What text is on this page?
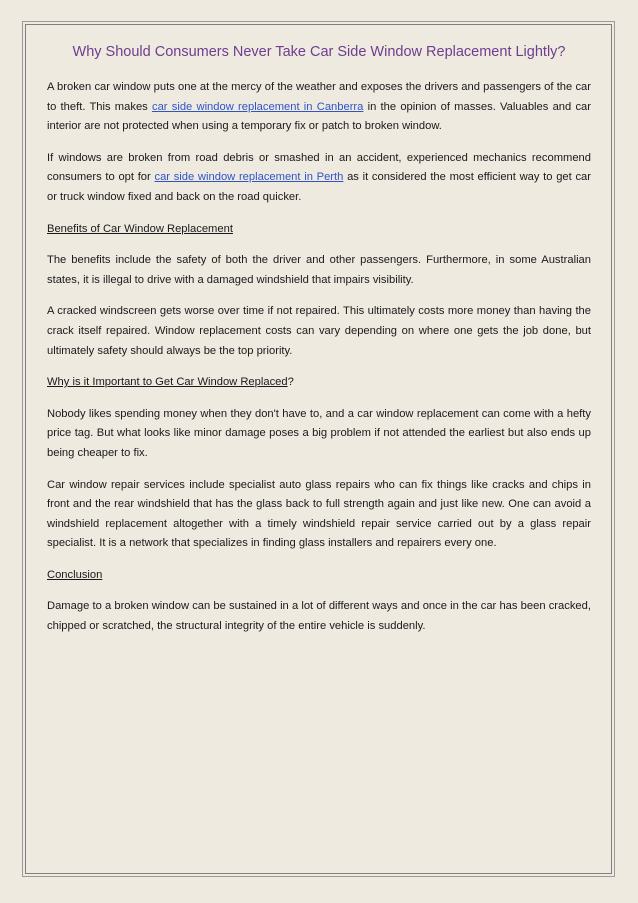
Why Should Consumers Never Take Car Side Window Replacement Lightly?

A broken car window puts one at the mercy of the weather and exposes the drivers and passengers of the car to theft. This makes car side window replacement in Canberra in the opinion of masses. Valuables and car interior are not protected when using a temporary fix or patch to broken window.

If windows are broken from road debris or smashed in an accident, experienced mechanics recommend consumers to opt for car side window replacement in Perth as it considered the most efficient way to get car or truck window fixed and back on the road quicker.

Benefits of Car Window Replacement

The benefits include the safety of both the driver and other passengers. Furthermore, in some Australian states, it is illegal to drive with a damaged windshield that impairs visibility.

A cracked windscreen gets worse over time if not repaired. This ultimately costs more money than having the crack itself repaired. Window replacement costs can vary depending on where one gets the job done, but ultimately safety should always be the top priority.

Why is it Important to Get Car Window Replaced?

Nobody likes spending money when they don't have to, and a car window replacement can come with a hefty price tag. But what looks like minor damage poses a big problem if not attended the earliest but also ends up being cheaper to fix.

Car window repair services include specialist auto glass repairs who can fix things like cracks and chips in front and the rear windshield that has the glass back to full strength again and just like new. One can avoid a windshield replacement altogether with a timely windshield repair service carried out by a glass repair specialist. It is a network that specializes in finding glass installers and repairers every one.

Conclusion

Damage to a broken window can be sustained in a lot of different ways and once in the car has been cracked, chipped or scratched, the structural integrity of the entire vehicle is suddenly.
